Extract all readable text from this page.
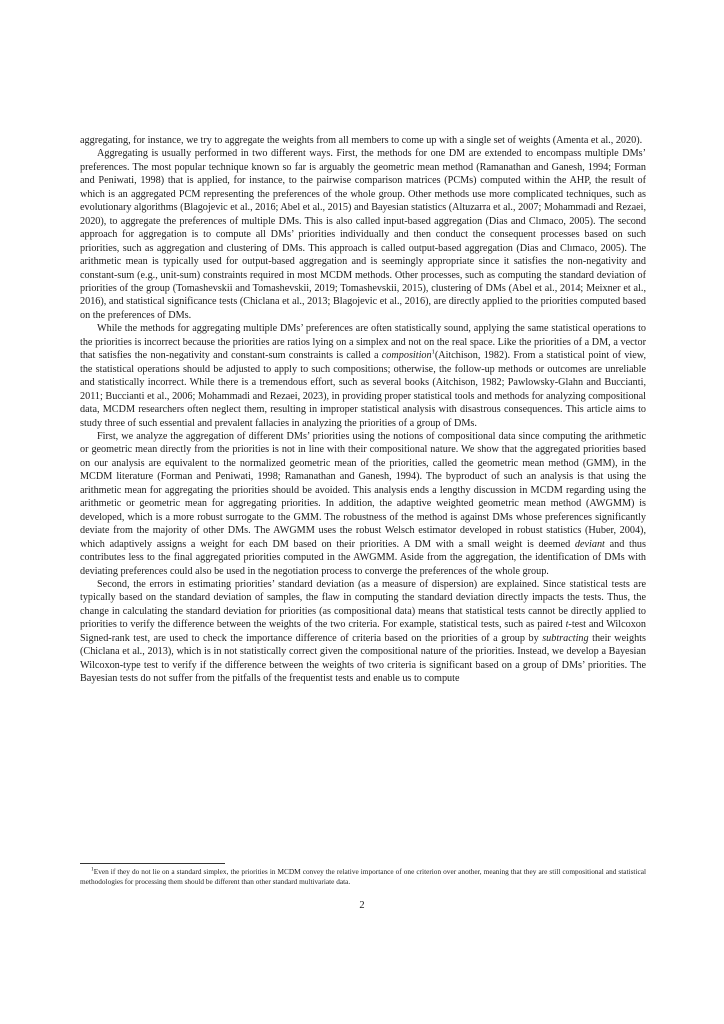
aggregating, for instance, we try to aggregate the weights from all members to come up with a single set of weights (Amenta et al., 2020).

Aggregating is usually performed in two different ways. First, the methods for one DM are extended to encompass multiple DMs’ preferences. The most popular technique known so far is arguably the geometric mean method (Ramanathan and Ganesh, 1994; Forman and Peniwati, 1998) that is applied, for instance, to the pairwise comparison matrices (PCMs) computed within the AHP, the result of which is an aggregated PCM representing the preferences of the whole group. Other methods use more complicated techniques, such as evolutionary algorithms (Blagojevic et al., 2016; Abel et al., 2015) and Bayesian statistics (Altuzarra et al., 2007; Mohammadi and Rezaei, 2020), to aggregate the preferences of multiple DMs. This is also called input-based aggregation (Dias and Clımaco, 2005). The second approach for aggregation is to compute all DMs’ priorities individually and then conduct the consequent processes based on such priorities, such as aggregation and clustering of DMs. This approach is called output-based aggregation (Dias and Clımaco, 2005). The arithmetic mean is typically used for output-based aggregation and is seemingly appropriate since it satisfies the non-negativity and constant-sum (e.g., unit-sum) constraints required in most MCDM methods. Other processes, such as computing the standard deviation of priorities of the group (Tomashevskii and Tomashevskii, 2019; Tomashevskii, 2015), clustering of DMs (Abel et al., 2014; Meixner et al., 2016), and statistical significance tests (Chiclana et al., 2013; Blagojevic et al., 2016), are directly applied to the priorities computed based on the preferences of DMs.

While the methods for aggregating multiple DMs’ preferences are often statistically sound, applying the same statistical operations to the priorities is incorrect because the priorities are ratios lying on a simplex and not on the real space. Like the priorities of a DM, a vector that satisfies the non-negativity and constant-sum constraints is called a composition$^1$(Aitchison, 1982). From a statistical point of view, the statistical operations should be adjusted to apply to such compositions; otherwise, the follow-up methods or outcomes are unreliable and statistically incorrect. While there is a tremendous effort, such as several books (Aitchison, 1982; Pawlowsky-Glahn and Buccianti, 2011; Buccianti et al., 2006; Mohammadi and Rezaei, 2023), in providing proper statistical tools and methods for analyzing compositional data, MCDM researchers often neglect them, resulting in improper statistical analysis with disastrous consequences. This article aims to study three of such essential and prevalent fallacies in analyzing the priorities of a group of DMs.

First, we analyze the aggregation of different DMs’ priorities using the notions of compositional data since computing the arithmetic or geometric mean directly from the priorities is not in line with their compositional nature. We show that the aggregated priorities based on our analysis are equivalent to the normalized geometric mean of the priorities, called the geometric mean method (GMM), in the MCDM literature (Forman and Peniwati, 1998; Ramanathan and Ganesh, 1994). The byproduct of such an analysis is that using the arithmetic mean for aggregating the priorities should be avoided. This analysis ends a lengthy discussion in MCDM regarding using the arithmetic or geometric mean for aggregating priorities. In addition, the adaptive weighted geometric mean method (AWGMM) is developed, which is a more robust surrogate to the GMM. The robustness of the method is against DMs whose preferences significantly deviate from the majority of other DMs. The AWGMM uses the robust Welsch estimator developed in robust statistics (Huber, 2004), which adaptively assigns a weight for each DM based on their priorities. A DM with a small weight is deemed deviant and thus contributes less to the final aggregated priorities computed in the AWGMM. Aside from the aggregation, the identification of DMs with deviating preferences could also be used in the negotiation process to converge the preferences of the whole group.

Second, the errors in estimating priorities’ standard deviation (as a measure of dispersion) are explained. Since statistical tests are typically based on the standard deviation of samples, the flaw in computing the standard deviation directly impacts the tests. Thus, the change in calculating the standard deviation for priorities (as compositional data) means that statistical tests cannot be directly applied to priorities to verify the difference between the weights of the two criteria. For example, statistical tests, such as paired t-test and Wilcoxon Signed-rank test, are used to check the importance difference of criteria based on the priorities of a group by subtracting their weights (Chiclana et al., 2013), which is in not statistically correct given the compositional nature of the priorities. Instead, we develop a Bayesian Wilcoxon-type test to verify if the difference between the weights of two criteria is significant based on a group of DMs’ priorities. The Bayesian tests do not suffer from the pitfalls of the frequentist tests and enable us to compute

$^1$Even if they do not lie on a standard simplex, the priorities in MCDM convey the relative importance of one criterion over another, meaning that they are still compositional and statistical methodologies for processing them should be different than other standard multivariate data.

2
